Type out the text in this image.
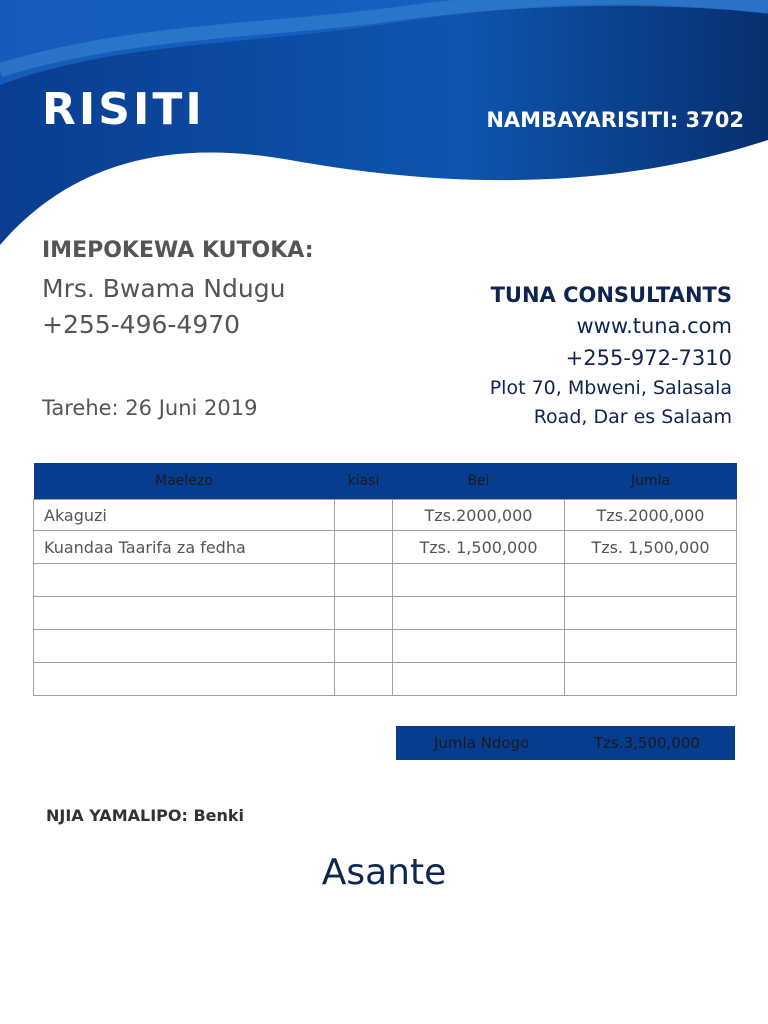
RISITI	NAMBAYARISITI: 3702
IMEPOKEWA KUTOKA:
Mrs. Bwama Ndugu
+255-496-4970
Tarehe: 26 Juni 2019
TUNA CONSULTANTS
www.tuna.com
+255-972-7310
Plot 70, Mbweni, Salasala
Road, Dar es Salaam
Maelezo	kiasi	Bei	Jumla
Akaguzi		Tzs.2000,000	Tzs.2000,000
Kuandaa Taarifa za fedha		Tzs. 1,500,000	Tzs. 1,500,000

Jumla Ndogo	Tzs.3,500,000
NJIA YAMALIPO: Benki
Asante
